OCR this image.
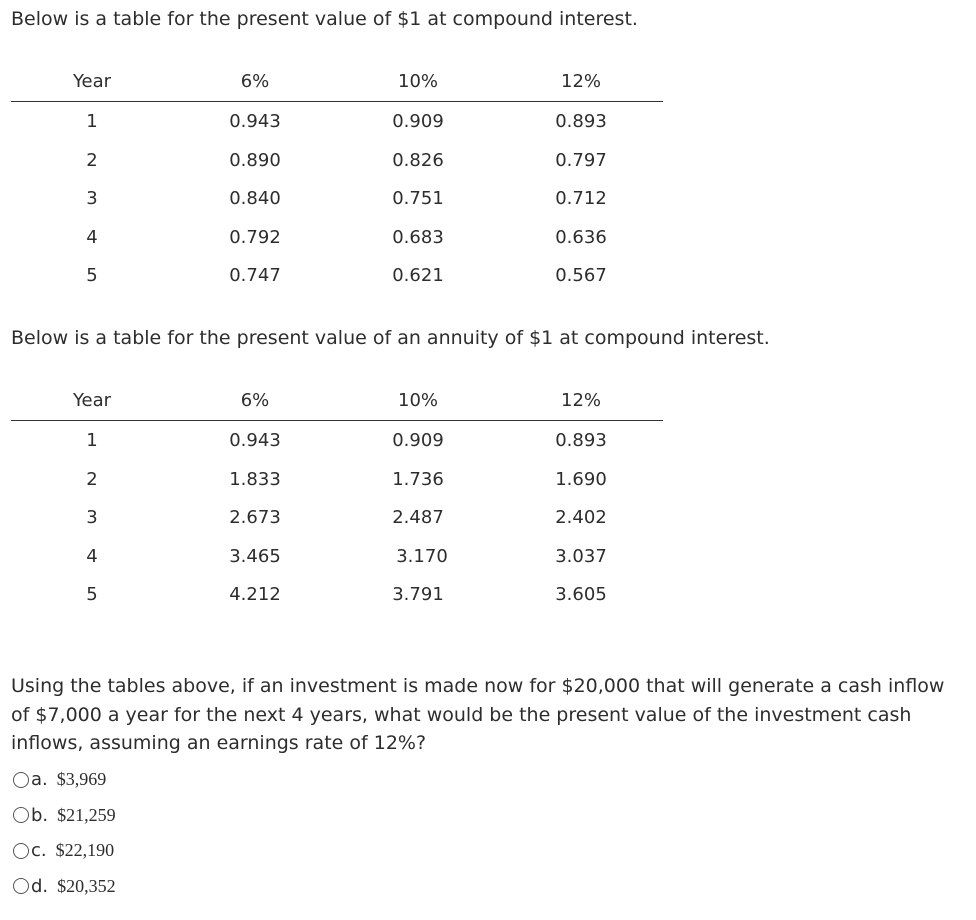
Below is a table for the present value of $1 at compound interest.
Year	6%	10%	12%
1	0.943	0.909	0.893
2	0.890	0.826	0.797
3	0.840	0.751	0.712
4	0.792	0.683	0.636
5	0.747	0.621	0.567
Below is a table for the present value of an annuity of $1 at compound interest.
Year	6%	10%	12%
1	0.943	0.909	0.893
2	1.833	1.736	1.690
3	2.673	2.487	2.402
4	3.465	3.170	3.037
5	4.212	3.791	3.605
Using the tables above, if an investment is made now for $20,000 that will generate a cash inflow of $7,000 a year for the next 4 years, what would be the present value of the investment cash inflows, assuming an earnings rate of 12%?
a. $3,969
b. $21,259
c. $22,190
d. $20,352
